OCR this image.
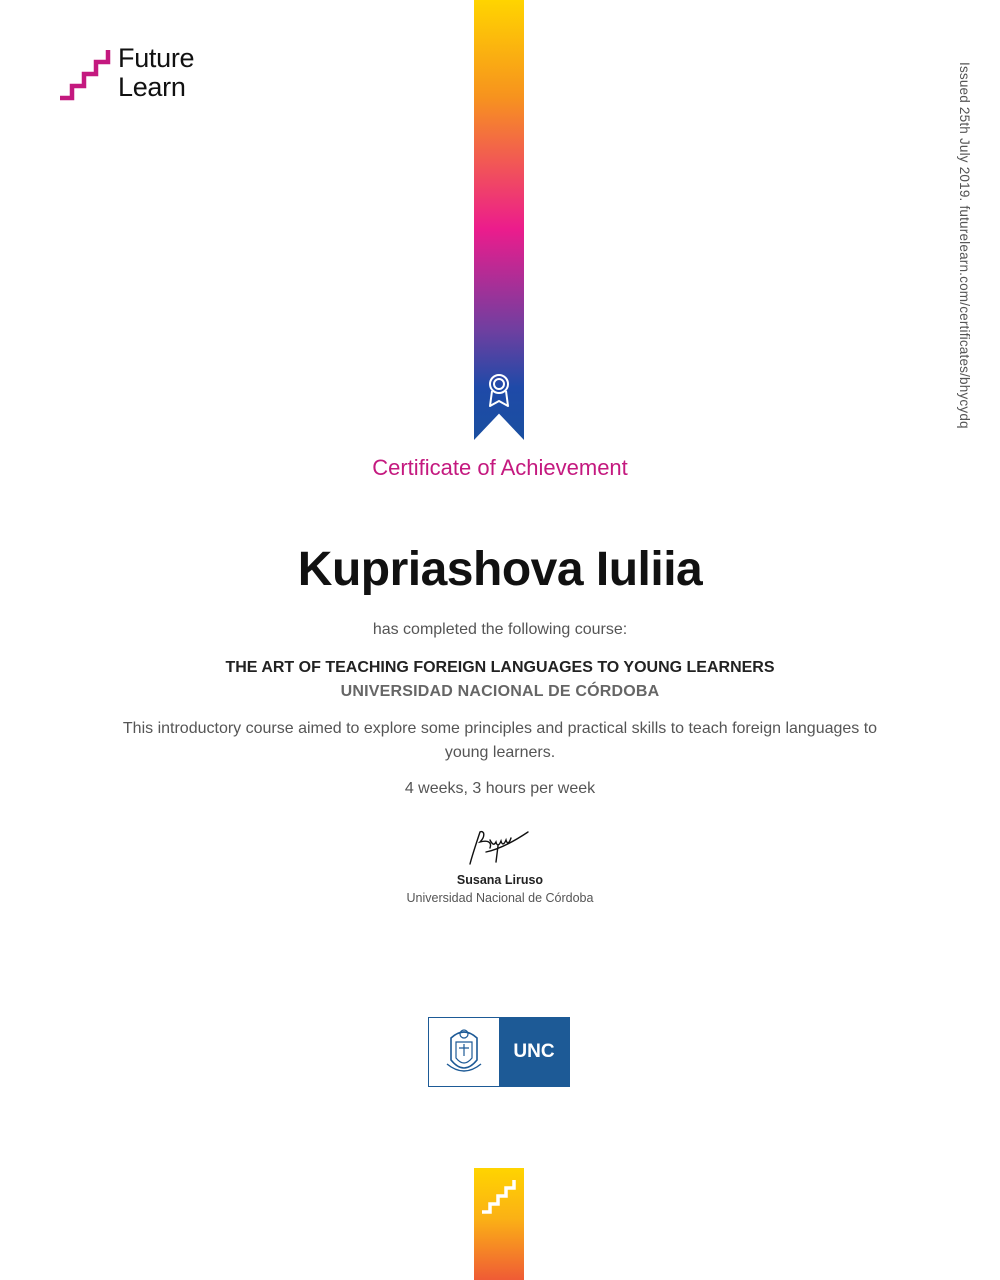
Future
Learn	Issued 25th July 2019. futurelearn.com/certificates/bhycydq
Certificate of Achievement
Kupriashova Iuliia
has completed the following course:
THE ART OF TEACHING FOREIGN LANGUAGES TO YOUNG LEARNERS
UNIVERSIDAD NACIONAL DE CÓRDOBA
This introductory course aimed to explore some principles and practical skills to teach foreign languages to young learners.
4 weeks, 3 hours per week
Susana Liruso
Universidad Nacional de Córdoba
UNC
